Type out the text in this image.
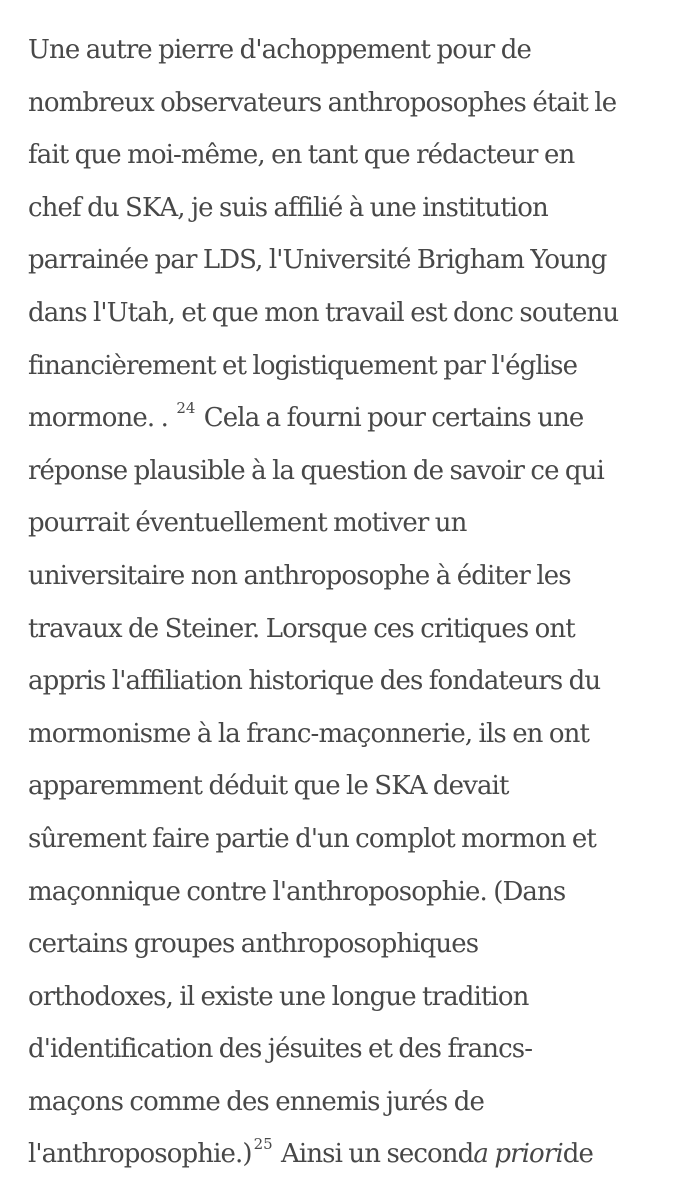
Une autre pierre d'achoppement pour de
nombreux observateurs anthroposophes était le
fait que moi-même, en tant que rédacteur en
chef du SKA, je suis affilié à une institution
parrainée par LDS, l'Université Brigham Young
dans l'Utah, et que mon travail est donc soutenu
financièrement et logistiquement par l'église
mormone. . $^{24}$ Cela a fourni pour certains une
réponse plausible à la question de savoir ce qui
pourrait éventuellement motiver un
universitaire non anthroposophe à éditer les
travaux de Steiner. Lorsque ces critiques ont
appris l'affiliation historique des fondateurs du
mormonisme à la franc-maçonnerie, ils en ont
apparemment déduit que le SKA devait
sûrement faire partie d'un complot mormon et
maçonnique contre l'anthroposophie. (Dans
certains groupes anthroposophiques
orthodoxes, il existe une longue tradition
d'identification des jésuites et des francs-
maçons comme des ennemis jurés de
l'anthroposophie.) $^{25}$ Ainsi un seconda prioride
